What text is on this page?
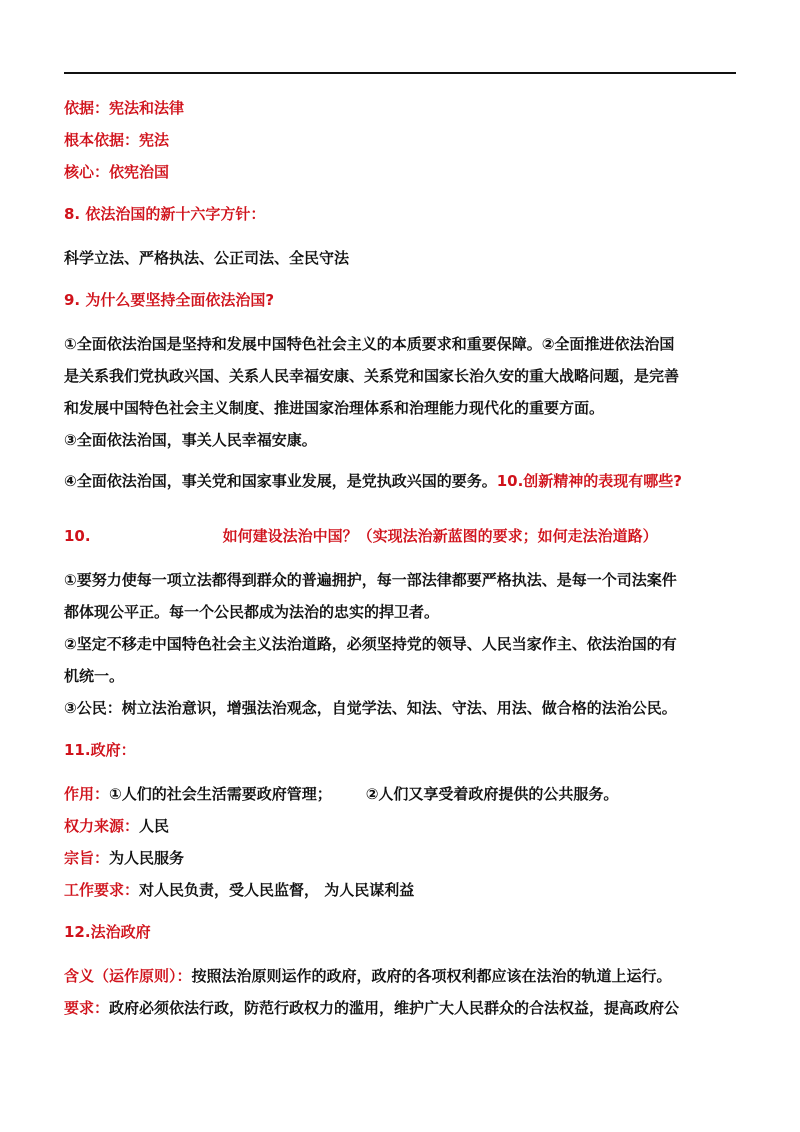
依据：宪法和法律
根本依据：宪法
核心：依宪治国
8. 依法治国的新十六字方针：
科学立法、严格执法、公正司法、全民守法
9. 为什么要坚持全面依法治国?
①全面依法治国是坚持和发展中国特色社会主义的本质要求和重要保障。②全面推进依法治国
是关系我们党执政兴国、关系人民幸福安康、关系党和国家长治久安的重大战略问题，是完善
和发展中国特色社会主义制度、推进国家治理体系和治理能力现代化的重要方面。
③全面依法治国，事关人民幸福安康。
④全面依法治国，事关党和国家事业发展，是党执政兴国的要务。10.创新精神的表现有哪些?
10.	如何建设法治中国？（实现法治新蓝图的要求；如何走法治道路）
①要努力使每一项立法都得到群众的普遍拥护，每一部法律都要严格执法、是每一个司法案件
都体现公平正。每一个公民都成为法治的忠实的捍卫者。
②坚定不移走中国特色社会主义法治道路，必须坚持党的领导、人民当家作主、依法治国的有
机统一。
③公民：树立法治意识，增强法治观念，自觉学法、知法、守法、用法、做合格的法治公民。
11.政府：
作用：①人们的社会生活需要政府管理； ②人们又享受着政府提供的公共服务。
权力来源：人民
宗旨：为人民服务
工作要求：对人民负责，受人民监督， 为人民谋利益
12.法治政府
含义（运作原则）：按照法治原则运作的政府，政府的各项权利都应该在法治的轨道上运行。
要求：政府必须依法行政，防范行政权力的滥用，维护广大人民群众的合法权益，提高政府公
